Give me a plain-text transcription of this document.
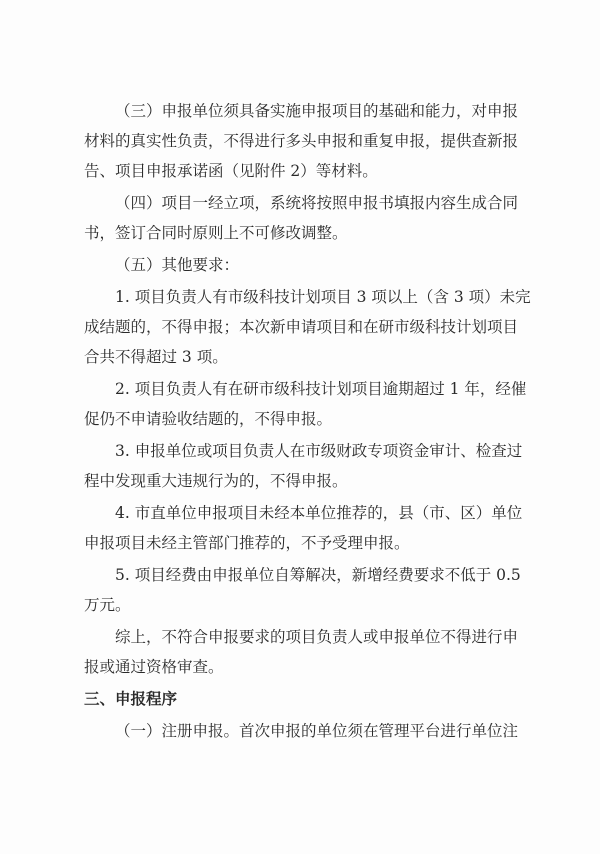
（三）申报单位须具备实施申报项目的基础和能力，对申报
材料的真实性负责，不得进行多头申报和重复申报，提供查新报
告、项目申报承诺函（见附件 2）等材料。
（四）项目一经立项，系统将按照申报书填报内容生成合同
书，签订合同时原则上不可修改调整。
（五）其他要求：
1. 项目负责人有市级科技计划项目 3 项以上（含 3 项）未完
成结题的，不得申报；本次新申请项目和在研市级科技计划项目
合共不得超过 3 项。
2. 项目负责人有在研市级科技计划项目逾期超过 1 年，经催
促仍不申请验收结题的，不得申报。
3. 申报单位或项目负责人在市级财政专项资金审计、检查过
程中发现重大违规行为的，不得申报。
4. 市直单位申报项目未经本单位推荐的，县（市、区）单位
申报项目未经主管部门推荐的，不予受理申报。
5. 项目经费由申报单位自筹解决，新增经费要求不低于 0.5
万元。
综上，不符合申报要求的项目负责人或申报单位不得进行申
报或通过资格审查。
三、申报程序
（一）注册申报。首次申报的单位须在管理平台进行单位注
